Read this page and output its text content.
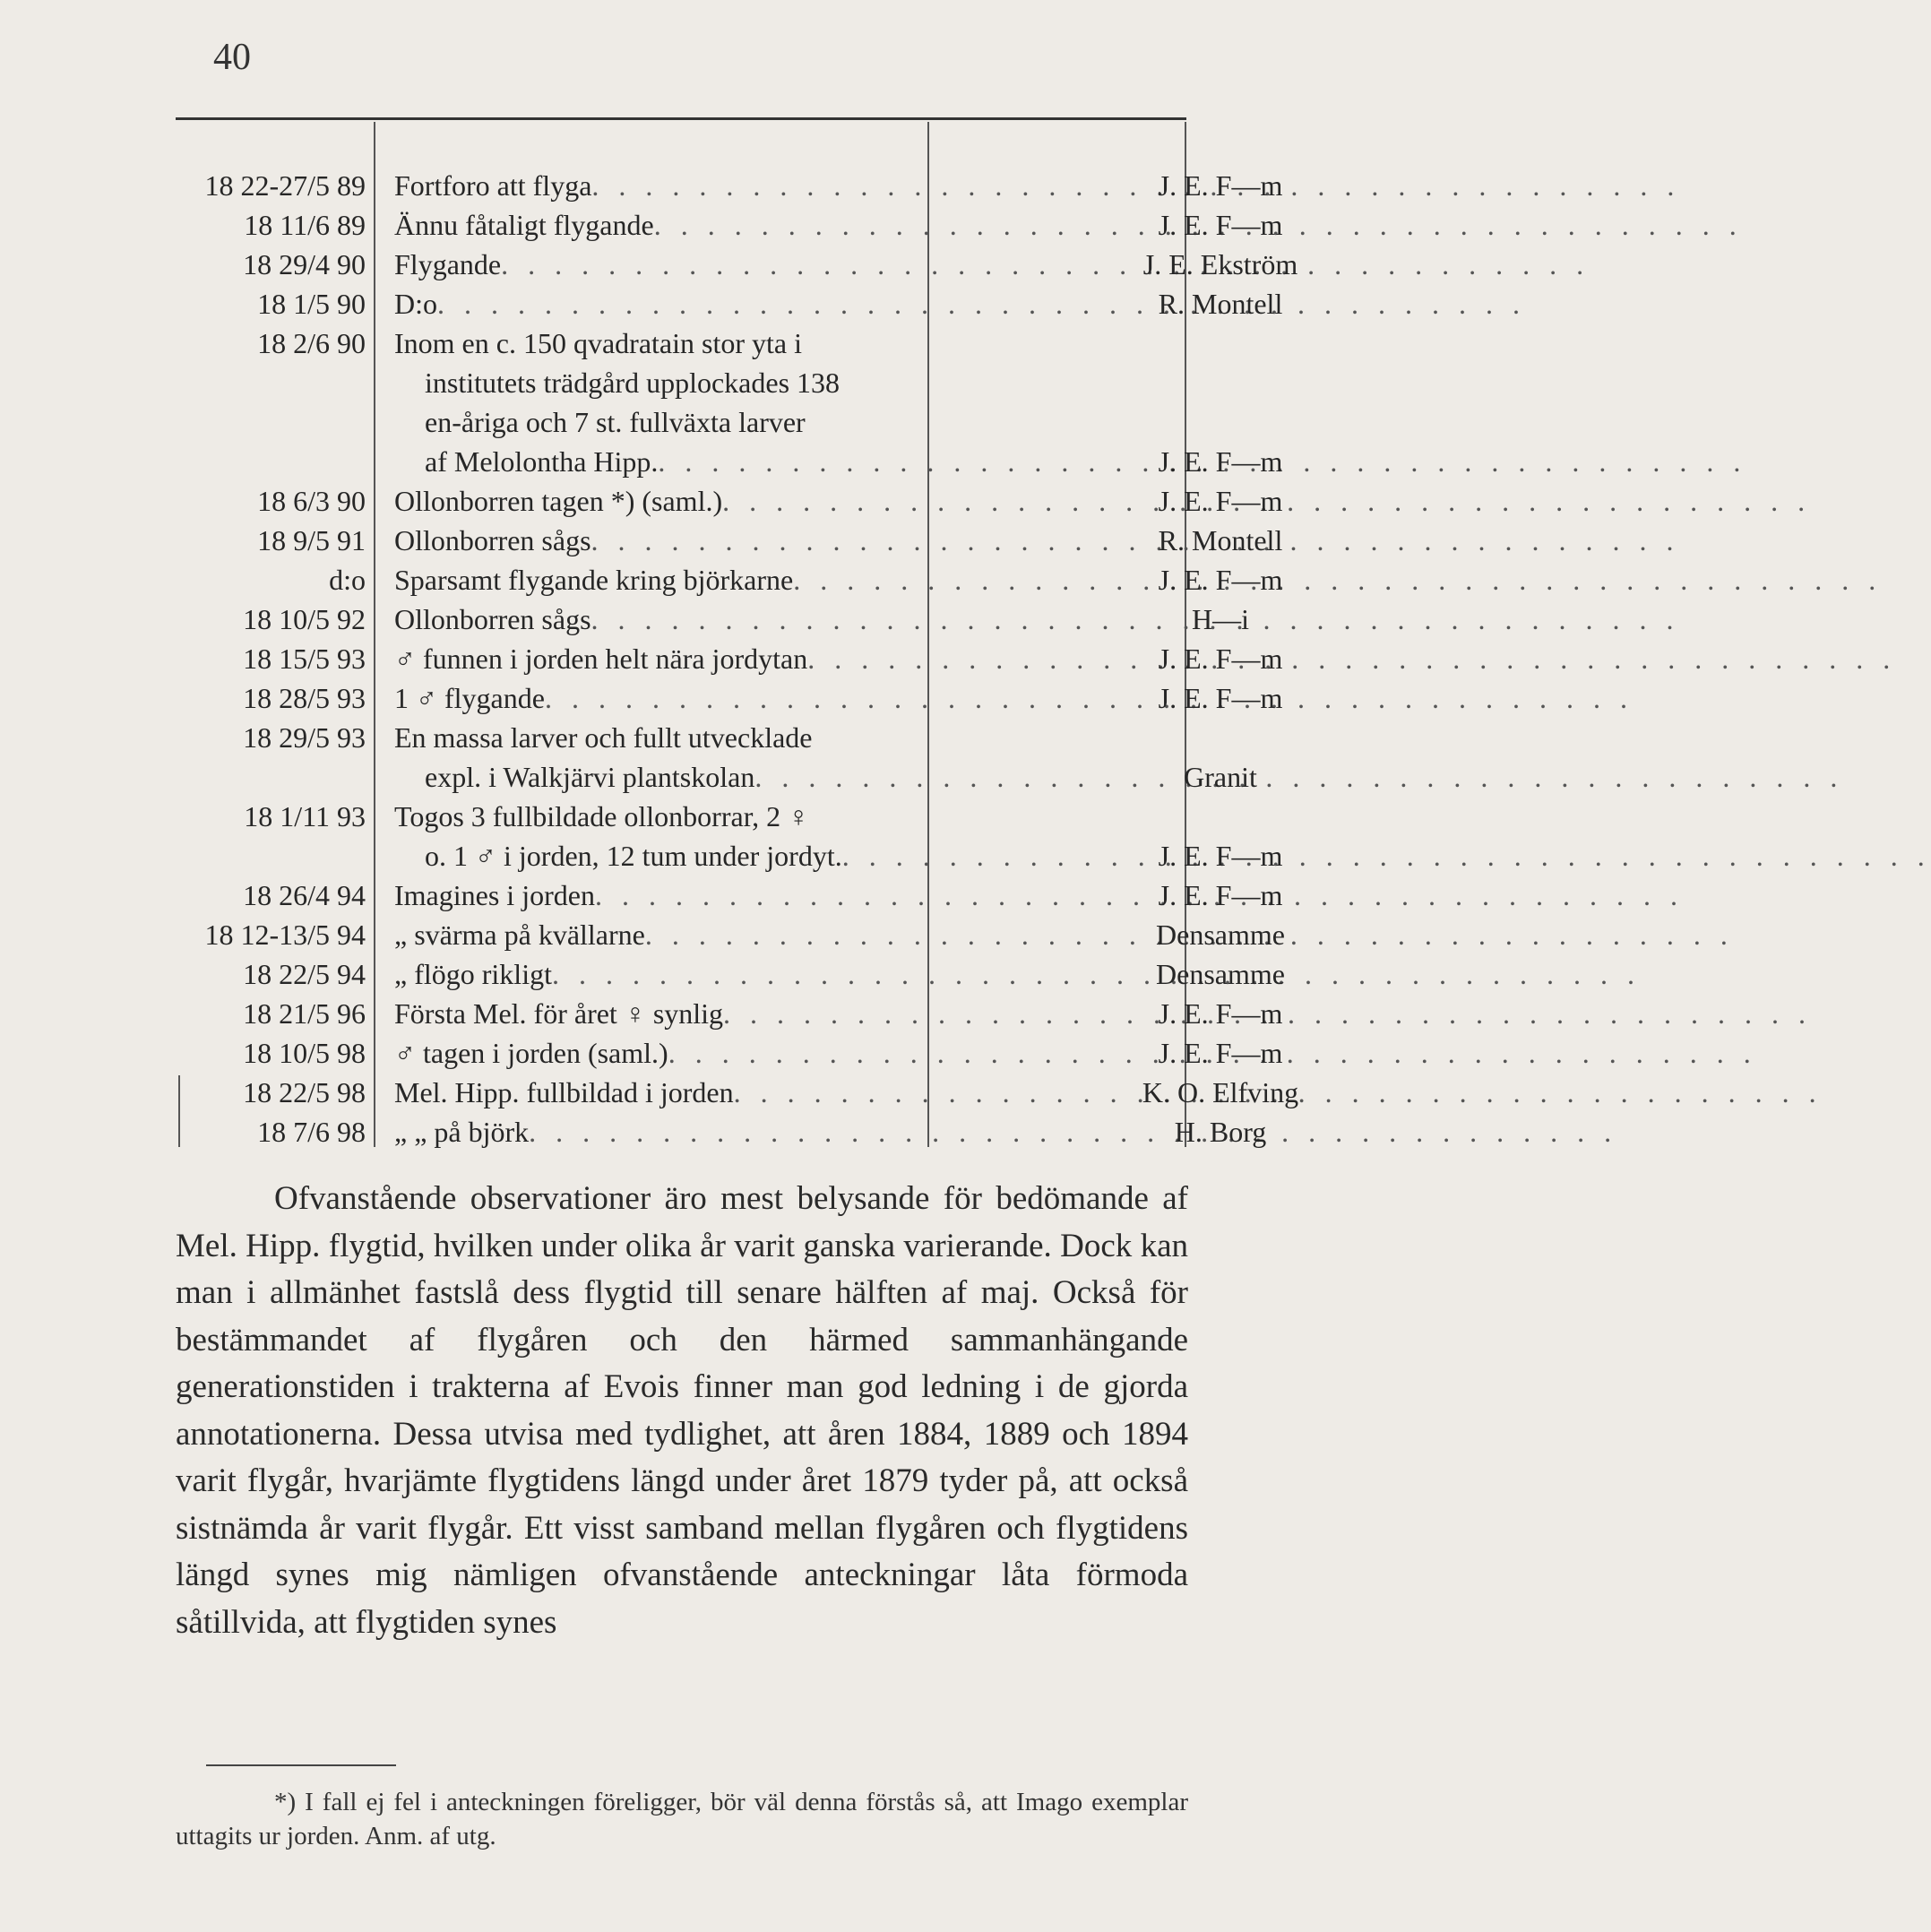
40
18 22-27/5 89 Fortforo att flyga . . .	J. E. F—m
18 11/6 89 Ännu fåtaligt flygande . . .	J. E. F—m
18 29/4 90 Flygande . . .	J. E. Ekström
18 1/5 90 D:o . . .	R. Montell
18 2/6 90 Inom en c. 150 qvadratain stor yta i
institutets trädgård upplockades 138
en-åriga och 7 st. fullväxta larver
af Melolontha Hipp. . . .	J. E. F—m
18 6/3 90 Ollonborren tagen *) (saml.) . . .	J. E. F—m
18 9/5 91 Ollonborren sågs . . .	R. Montell
d:o Sparsamt flygande kring björkarne . . .	J. E. F—m
18 10/5 92 Ollonborren sågs . . .	H—i
18 15/5 93 ♂ funnen i jorden helt nära jordytan . . .	J. E. F—m
18 28/5 93 1 ♂ flygande . . .	J. E. F—m
18 29/5 93 En massa larver och fullt utvecklade
expl. i Walkjärvi plantskolan . . .	Granit
18 1/11 93 Togos 3 fullbildade ollonborrar, 2 ♀
o. 1 ♂ i jorden, 12 tum under jordyt. . . .	J. E. F—m
18 26/4 94 Imagines i jorden . . .	J. E. F—m
18 12-13/5 94 „ svärma på kvällarne . . .	Densamme
18 22/5 94 „ flögo rikligt . . .	Densamme
18 21/5 96 Första Mel. för året ♀ synlig . . .	J. E. F—m
18 10/5 98 ♂ tagen i jorden (saml.) . . .	J. E. F—m
18 22/5 98 Mel. Hipp. fullbildad i jorden . . .	K. O. Elfving
18 7/6 98 „ „ på björk . . .	H. Borg

Ofvanstående observationer äro mest belysande för bedömande af Mel. Hipp. flygtid, hvilken under olika år varit ganska varierande. Dock kan man i allmänhet fastslå dess flygtid till senare hälften af maj. Också för bestämmandet af flygåren och den härmed sammanhängande generationstiden i trakterna af Evois finner man god ledning i de gjorda annotationerna. Dessa utvisa med tydlighet, att åren 1884, 1889 och 1894 varit flygår, hvarjämte flygtidens längd under året 1879 tyder på, att också sistnämda år varit flygår. Ett visst samband mellan flygåren och flygtidens längd synes mig nämligen ofvanstående anteckningar låta förmoda såtillvida, att flygtiden synes

*) I fall ej fel i anteckningen föreligger, bör väl denna förstås så, att Imago exemplar uttagits ur jorden. Anm. af utg.
